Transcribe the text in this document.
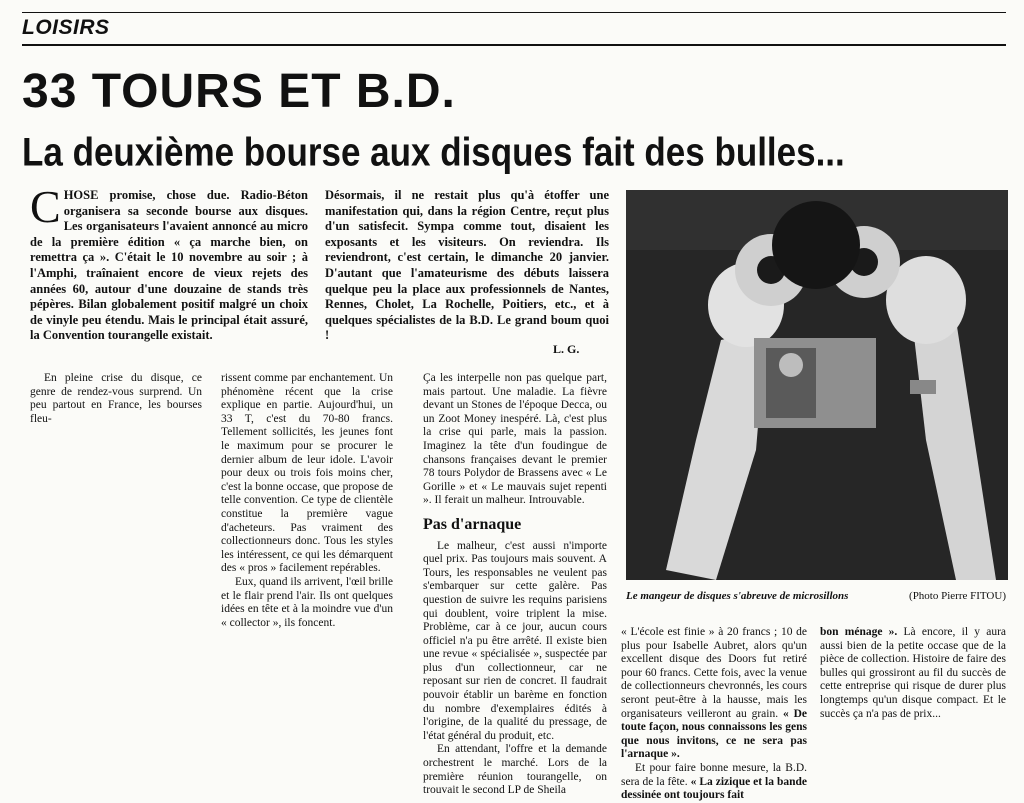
LOISIRS
33 TOURS ET B.D.
La deuxième bourse aux disques fait des bulles...
CHOSE promise, chose due. Radio-Béton organisera sa seconde bourse aux disques. Les organisateurs l'avaient annoncé au micro de la première édition « ça marche bien, on remettra ça ». C'était le 10 novembre au soir ; à l'Amphi, traînaient encore de vieux rejets des années 60, autour d'une douzaine de stands très pépères. Bilan globalement positif malgré un choix de vinyle peu étendu. Mais le principal était assuré, la Convention tourangelle existait.
Désormais, il ne restait plus qu'à étoffer une manifestation qui, dans la région Centre, reçut plus d'un satisfecit. Sympa comme tout, disaient les exposants et les visiteurs. On reviendra. Ils reviendront, c'est certain, le dimanche 20 janvier. D'autant que l'amateurisme des débuts laissera quelque peu la place aux professionnels de Nantes, Rennes, Cholet, La Rochelle, Poitiers, etc., et à quelques spécialistes de la B.D. Le grand boum quoi !
L. G.

En pleine crise du disque, ce genre de rendez-vous surprend. Un peu partout en France, les bourses fleu-

rissent comme par enchantement. Un phénomène récent que la crise explique en partie. Aujourd'hui, un 33 T, c'est du 70-80 francs. Tellement sollicités, les jeunes font le maximum pour se procurer le dernier album de leur idole. L'avoir pour deux ou trois fois moins cher, c'est la bonne occase, que propose de telle convention. Ce type de clientèle constitue la première vague d'acheteurs. Pas vraiment des collectionneurs donc. Tous les styles les intéressent, ce qui les démarquent des « pros » facilement repérables.

Eux, quand ils arrivent, l'œil brille et le flair prend l'air. Ils ont quelques idées en tête et à la moindre vue d'un « collector », ils foncent.

Ça les interpelle non pas quelque part, mais partout. Une maladie. La fièvre devant un Stones de l'époque Decca, ou un Zoot Money inespéré. Là, c'est plus la crise qui parle, mais la passion. Imaginez la tête d'un foudingue de chansons françaises devant le premier 78 tours Polydor de Brassens avec « Le Gorille » et « Le mauvais sujet repenti ». Il ferait un malheur. Introuvable.

Pas d'arnaque

Le malheur, c'est aussi n'importe quel prix. Pas toujours mais souvent. A Tours, les responsables ne veulent pas s'embarquer sur cette galère. Pas question de suivre les requins parisiens qui doublent, voire triplent la mise. Problème, car à ce jour, aucun cours officiel n'a pu être arrêté. Il existe bien une revue « spécialisée », suspectée par plus d'un collectionneur, car ne reposant sur rien de concret. Il faudrait pouvoir établir un barème en fonction du nombre d'exemplaires édités à l'origine, de la qualité du pressage, de l'état général du produit, etc.

En attendant, l'offre et la demande orchestrent le marché. Lors de la première réunion tourangelle, on trouvait le second LP de Sheila

Le mangeur de disques s'abreuve de microsillons	(Photo Pierre FITOU)

« L'école est finie » à 20 francs ; 10 de plus pour Isabelle Aubret, alors qu'un excellent disque des Doors fut retiré pour 60 francs. Cette fois, avec la venue de collectionneurs chevronnés, les cours seront peut-être à la hausse, mais les organisateurs veilleront au grain. « De toute façon, nous connaissons les gens que nous invitons, ce ne sera pas l'arnaque ».

Et pour faire bonne mesure, la B.D. sera de la fête. « La zizique et la bande dessinée ont toujours fait

bon ménage ». Là encore, il y aura aussi bien de la petite occase que de la pièce de collection. Histoire de faire des bulles qui grossiront au fil du succès de cette entreprise qui risque de durer plus longtemps qu'un disque compact. Et le succès ça n'a pas de prix...
